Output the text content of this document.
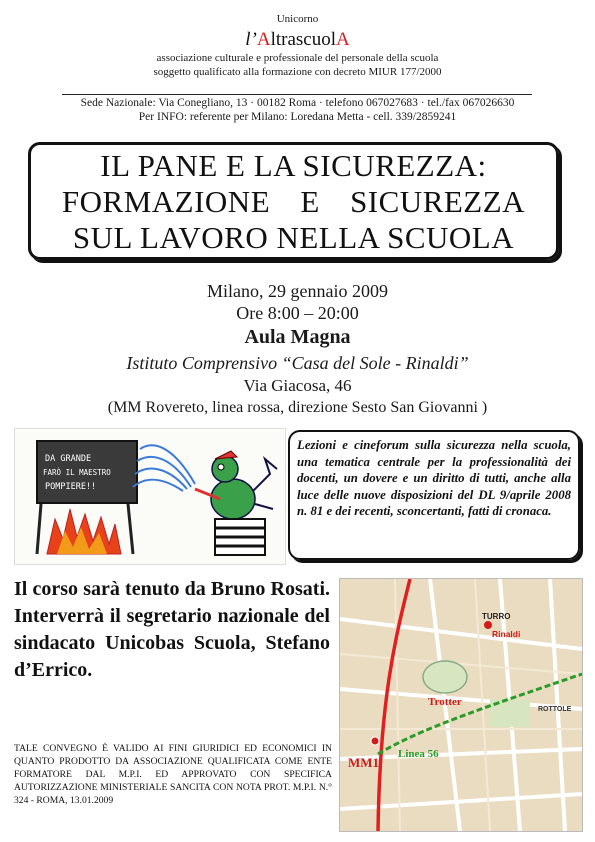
Unicorno
l’AltrascuolA
associazione culturale e professionale del personale della scuola
soggetto qualificato alla formazione con decreto MIUR 177/2000
Sede Nazionale: Via Conegliano, 13 · 00182 Roma · telefono 067027683 · tel./fax 067026630
Per INFO: referente per Milano: Loredana Metta - cell. 339/2859241
IL PANE E LA SICUREZZA:
FORMAZIONE E SICUREZZA
SUL LAVORO NELLA SCUOLA
Milano, 29 gennaio 2009
Ore 8:00 – 20:00
Aula Magna
Istituto Comprensivo “Casa del Sole - Rinaldi”
Via Giacosa, 46
(MM Rovereto, linea rossa, direzione Sesto San Giovanni )
DA GRANDE
FARÒ IL MAESTRO
POMPIERE!!
Lezioni e cineforum sulla sicurezza nella scuola, una tematica centrale per la professionalità dei docenti, un dovere e un diritto di tutti, anche alla luce delle nuove disposizioni del DL 9/aprile 2008 n. 81 e dei recenti, sconcertanti, fatti di cronaca.
Il corso sarà tenuto da Bruno Rosati. Interverrà il segretario nazionale del sindacato Unicobas Scuola, Stefano d’Errico.
TALE CONVEGNO È VALIDO AI FINI GIURIDICI ED ECONOMICI IN QUANTO PRODOTTO DA ASSOCIAZIONE QUALIFICATA COME ENTE FORMATORE DAL M.P.I. ED APPROVATO CON SPECIFICA AUTORIZZAZIONE MINISTERIALE SANCITA CON NOTA PROT. M.P.I. N.° 324 - ROMA, 13.01.2009
TURRO
Rinaldi
Trotter
MM1
Linea 56
ROTTOLE
